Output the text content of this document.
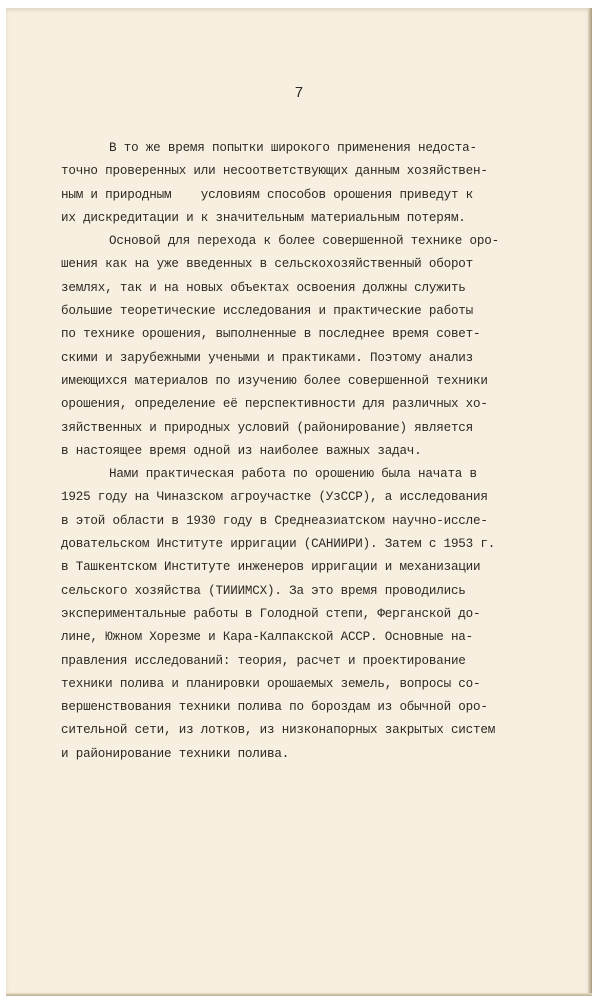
7
В то же время попытки широкого применения недоста-
точно проверенных или несоответствующих данным хозяйствен-
ным и природным    условиям способов орошения приведут к
их дискредитации и к значительным материальным потерям.
Основой для перехода к более совершенной технике оро-
шения как на уже введенных в сельскохозяйственный оборот
землях, так и на новых объектах освоения должны служить
большие теоретические исследования и практические работы
по технике орошения, выполненные в последнее время совет-
скими и зарубежными учеными и практиками. Поэтому анализ
имеющихся материалов по изучению более совершенной техники
орошения, определение её перспективности для различных хо-
зяйственных и природных условий (районирование) является
в настоящее время одной из наиболее важных задач.
Нами практическая работа по орошению была начата в
1925 году на Чиназском агроучастке (УзССР), а исследования
в этой области в 1930 году в Среднеазиатском научно-исслe-
довательском Институте ирригации (САНИИРИ). Затем с 1953 г.
в Ташкентском Институте инженеров ирригации и механизации
сельского хозяйства (ТИИИМСХ). За это время проводились
экспериментальные работы в Голодной степи, Ферганской до-
лине, Южном Хорезме и Кара-Калпакской АССР. Основные на-
правления исследований: теория, расчет и проектирование
техники полива и планировки орошаемых земель, вопросы со-
вершенствования техники полива по бороздам из обычной оро-
сительной сети, из лотков, из низконапорных закрытых систем
и районирование техники полива.
